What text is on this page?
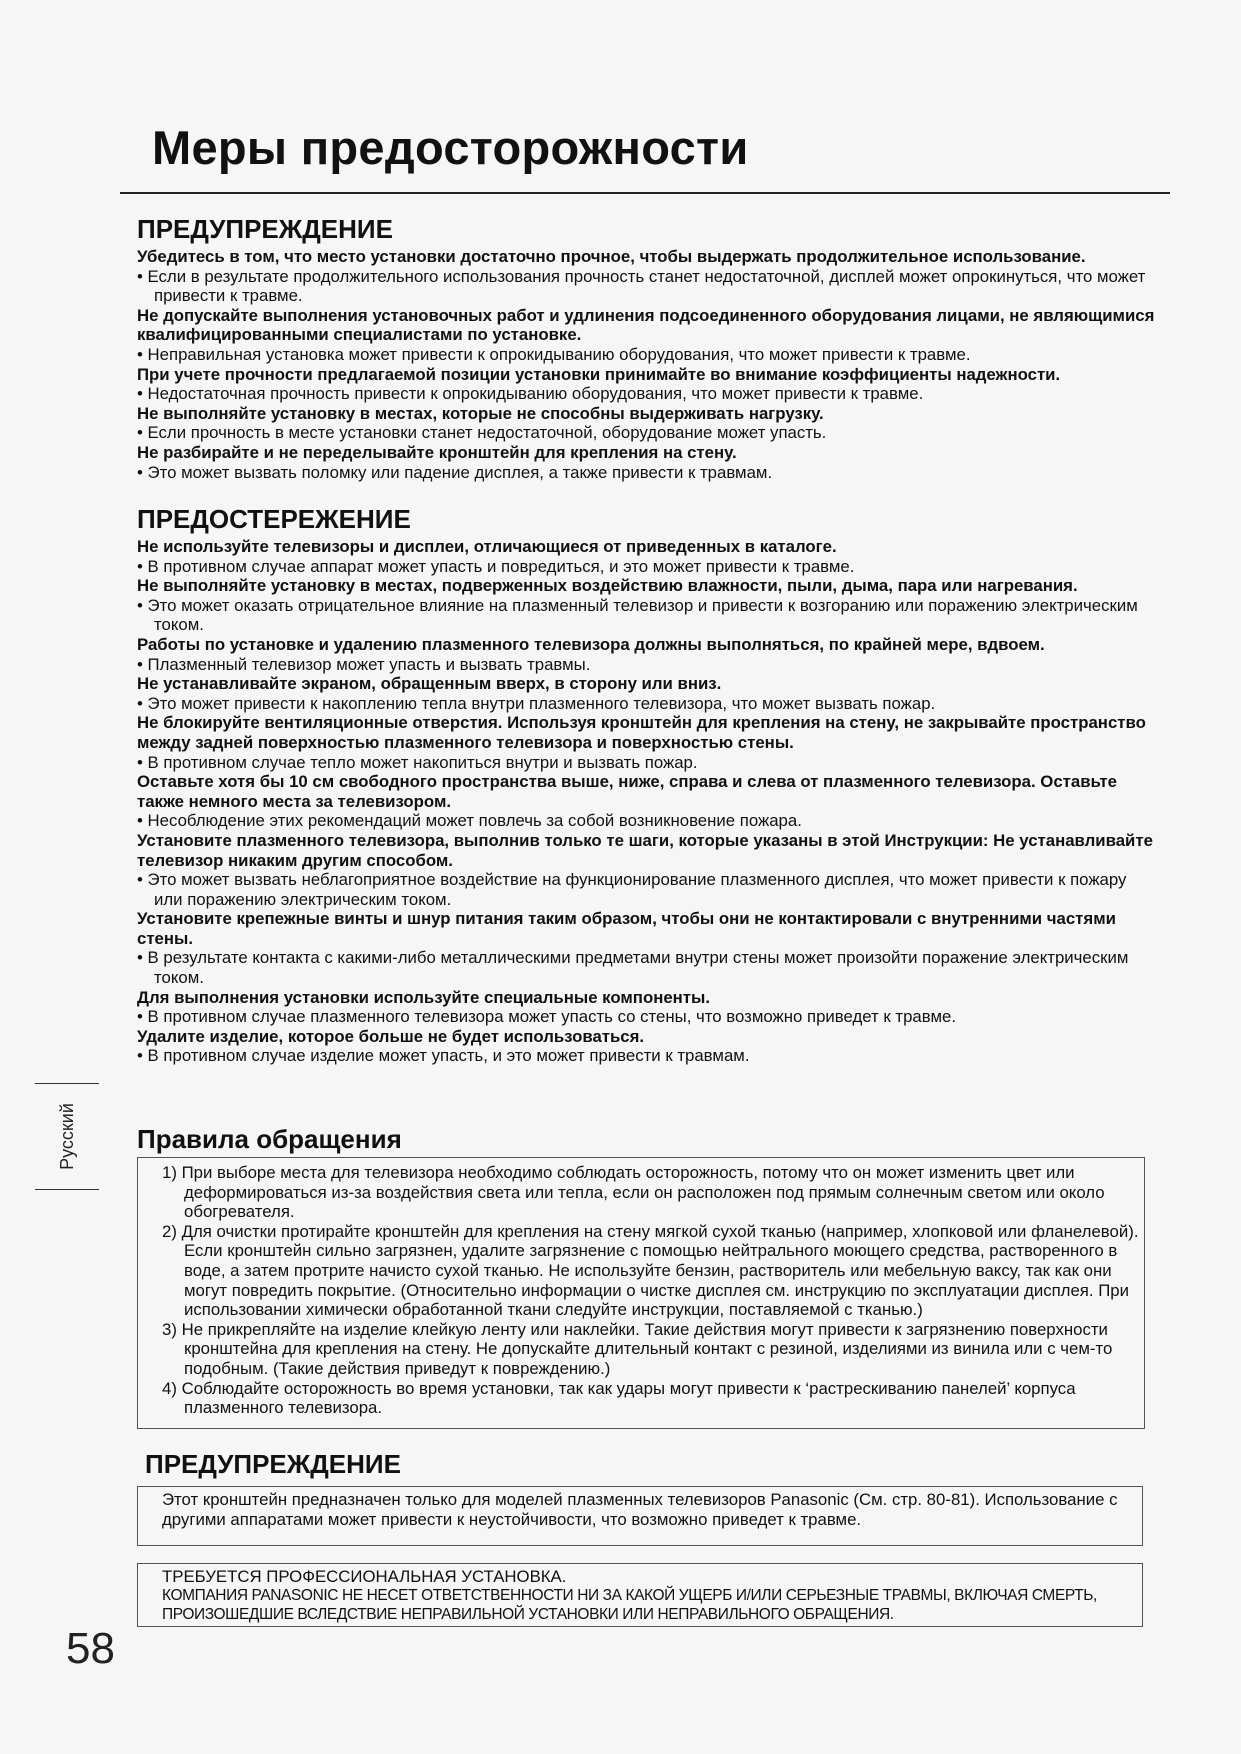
Меры предосторожности
ПРЕДУПРЕЖДЕНИЕ
Убедитесь в том, что место установки достаточно прочное, чтобы выдержать продолжительное использование.
• Если в результате продолжительного использования прочность станет недостаточной, дисплей может опрокинуться, что может привести к травме.
Не допускайте выполнения установочных работ и удлинения подсоединенного оборудования лицами, не являющимися квалифицированными специалистами по установке.
• Неправильная установка может привести к опрокидыванию оборудования, что может привести к травме.
При учете прочности предлагаемой позиции установки принимайте во внимание коэффициенты надежности.
• Недостаточная прочность привести к опрокидыванию оборудования, что может привести к травме.
Не выполняйте установку в местах, которые не способны выдерживать нагрузку.
• Если прочность в месте установки станет недостаточной, оборудование может упасть.
Не разбирайте и не переделывайте кронштейн для крепления на стену.
• Это может вызвать поломку или падение дисплея, а также привести к травмам.
ПРЕДОСТЕРЕЖЕНИЕ
Не используйте телевизоры и дисплеи, отличающиеся от приведенных в каталоге.
• В противном случае аппарат может упасть и повредиться, и это может привести к травме.
Не выполняйте установку в местах, подверженных воздействию влажности, пыли, дыма, пара или нагревания.
• Это может оказать отрицательное влияние на плазменный телевизор и привести к возгоранию или поражению электрическим током.
Работы по установке и удалению плазменного телевизора должны выполняться, по крайней мере, вдвоем.
• Плазменный телевизор может упасть и вызвать травмы.
Не устанавливайте экраном, обращенным вверх, в сторону или вниз.
• Это может привести к накоплению тепла внутри плазменного телевизора, что может вызвать пожар.
Не блокируйте вентиляционные отверстия. Используя кронштейн для крепления на стену, не закрывайте пространство между задней поверхностью плазменного телевизора и поверхностью стены.
• В противном случае тепло может накопиться внутри и вызвать пожар.
Оставьте хотя бы 10 см свободного пространства выше, ниже, справа и слева от плазменного телевизора. Оставьте также немного места за телевизором.
• Несоблюдение этих рекомендаций может повлечь за собой возникновение пожара.
Установите плазменного телевизора, выполнив только те шаги, которые указаны в этой Инструкции: Не устанавливайте телевизор никаким другим способом.
• Это может вызвать неблагоприятное воздействие на функционирование плазменного дисплея, что может привести к пожару или поражению электрическим током.
Установите крепежные винты и шнур питания таким образом, чтобы они не контактировали с внутренними частями стены.
• В результате контакта с какими-либо металлическими предметами внутри стены может произойти поражение электрическим током.
Для выполнения установки используйте специальные компоненты.
• В противном случае плазменного телевизора может упасть со стены, что возможно приведет к травме.
Удалите изделие, которое больше не будет использоваться.
• В противном случае изделие может упасть, и это может привести к травмам.
Правила обращения
1) При выборе места для телевизора необходимо соблюдать осторожность, потому что он может изменить цвет или деформироваться из-за воздействия света или тепла, если он расположен под прямым солнечным светом или около обогревателя.
2) Для очистки протирайте кронштейн для крепления на стену мягкой сухой тканью (например, хлопковой или фланелевой). Если кронштейн сильно загрязнен, удалите загрязнение с помощью нейтрального моющего средства, растворенного в воде, а затем протрите начисто сухой тканью. Не используйте бензин, растворитель или мебельную ваксу, так как они могут повредить покрытие. (Относительно информации о чистке дисплея см. инструкцию по эксплуатации дисплея. При использовании химически обработанной ткани следуйте инструкции, поставляемой с тканью.)
3) Не прикрепляйте на изделие клейкую ленту или наклейки. Такие действия могут привести к загрязнению поверхности кронштейна для крепления на стену. Не допускайте длительный контакт с резиной, изделиями из винила или с чем-то подобным. (Такие действия приведут к повреждению.)
4) Соблюдайте осторожность во время установки, так как удары могут привести к ‘растрескиванию панелей’ корпуса плазменного телевизора.
ПРЕДУПРЕЖДЕНИЕ
Этот кронштейн предназначен только для моделей плазменных телевизоров Panasonic (См. стр. 80-81). Использование с другими аппаратами может привести к неустойчивости, что возможно приведет к травме.
ТРЕБУЕТСЯ ПРОФЕССИОНАЛЬНАЯ УСТАНОВКА.
КОМПАНИЯ PANASONIC НЕ НЕСЕТ ОТВЕТСТВЕННОСТИ НИ ЗА КАКОЙ УЩЕРБ И/ИЛИ СЕРЬЕЗНЫЕ ТРАВМЫ, ВКЛЮЧАЯ СМЕРТЬ, ПРОИЗОШЕДШИЕ ВСЛЕДСТВИЕ НЕПРАВИЛЬНОЙ УСТАНОВКИ ИЛИ НЕПРАВИЛЬНОГО ОБРАЩЕНИЯ.
Русский
58
